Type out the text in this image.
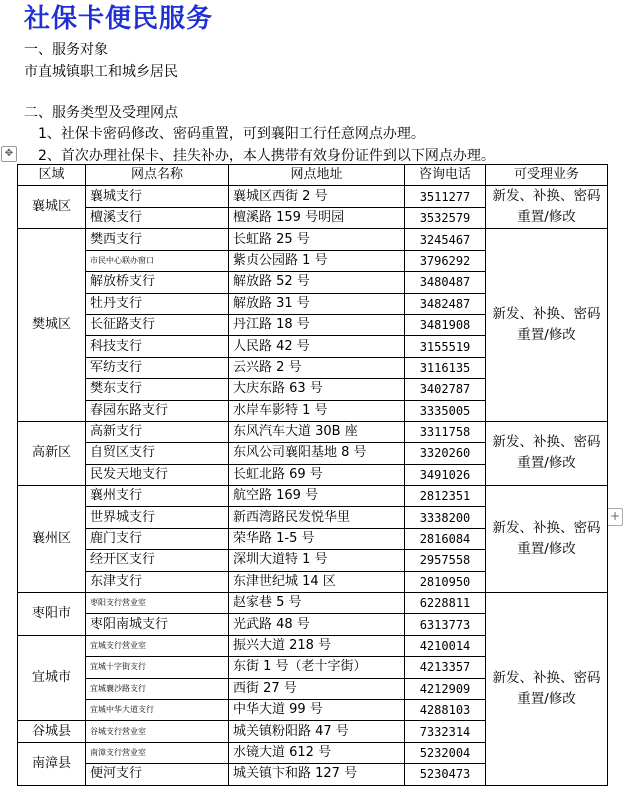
社保卡便民服务
一、服务对象
市直城镇职工和城乡居民
二、服务类型及受理网点
1、社保卡密码修改、密码重置，可到襄阳工行任意网点办理。
2、首次办理社保卡、挂失补办，本人携带有效身份证件到以下网点办理。
✥
+
区域	网点名称	网点地址	咨询电话	可受理业务
襄城区	襄城支行	襄城区西街 2 号	3511277	新发、补换、密码重置/修改
	檀溪支行	檀溪路 159 号明园	3532579	
樊城区	樊西支行	长虹路 25 号	3245467	新发、补换、密码重置/修改
	市民中心联办窗口	紫贞公园路 1 号	3796292	
	解放桥支行	解放路 52 号	3480487	
	牡丹支行	解放路 31 号	3482487	
	长征路支行	丹江路 18 号	3481908	
	科技支行	人民路 42 号	3155519	
	军纺支行	云兴路 2 号	3116135	
	樊东支行	大庆东路 63 号	3402787	
	春园东路支行	水岸车影特 1 号	3335005	
高新区	高新支行	东风汽车大道 30B 座	3311758	新发、补换、密码重置/修改
	自贸区支行	东风公司襄阳基地 8 号	3320260	
	民发天地支行	长虹北路 69 号	3491026	
襄州区	襄州支行	航空路 169 号	2812351	新发、补换、密码重置/修改
	世界城支行	新西湾路民发悦华里	3338200	
	鹿门支行	荣华路 1-5 号	2816084	
	经开区支行	深圳大道特 1 号	2957558	
	东津支行	东津世纪城 14 区	2810950	
枣阳市	枣阳支行营业室	赵家巷 5 号	6228811	新发、补换、密码重置/修改
	枣阳南城支行	光武路 48 号	6313773	
宜城市	宜城支行营业室	振兴大道 218 号	4210014	
	宜城十字街支行	东街 1 号（老十字街）	4213357	
	宜城襄沙路支行	西街 27 号	4212909	
	宜城中华大道支行	中华大道 99 号	4288103	
谷城县	谷城支行营业室	城关镇粉阳路 47 号	7332314	
南漳县	南漳支行营业室	水镜大道 612 号	5232004	
	便河支行	城关镇卞和路 127 号	5230473	
